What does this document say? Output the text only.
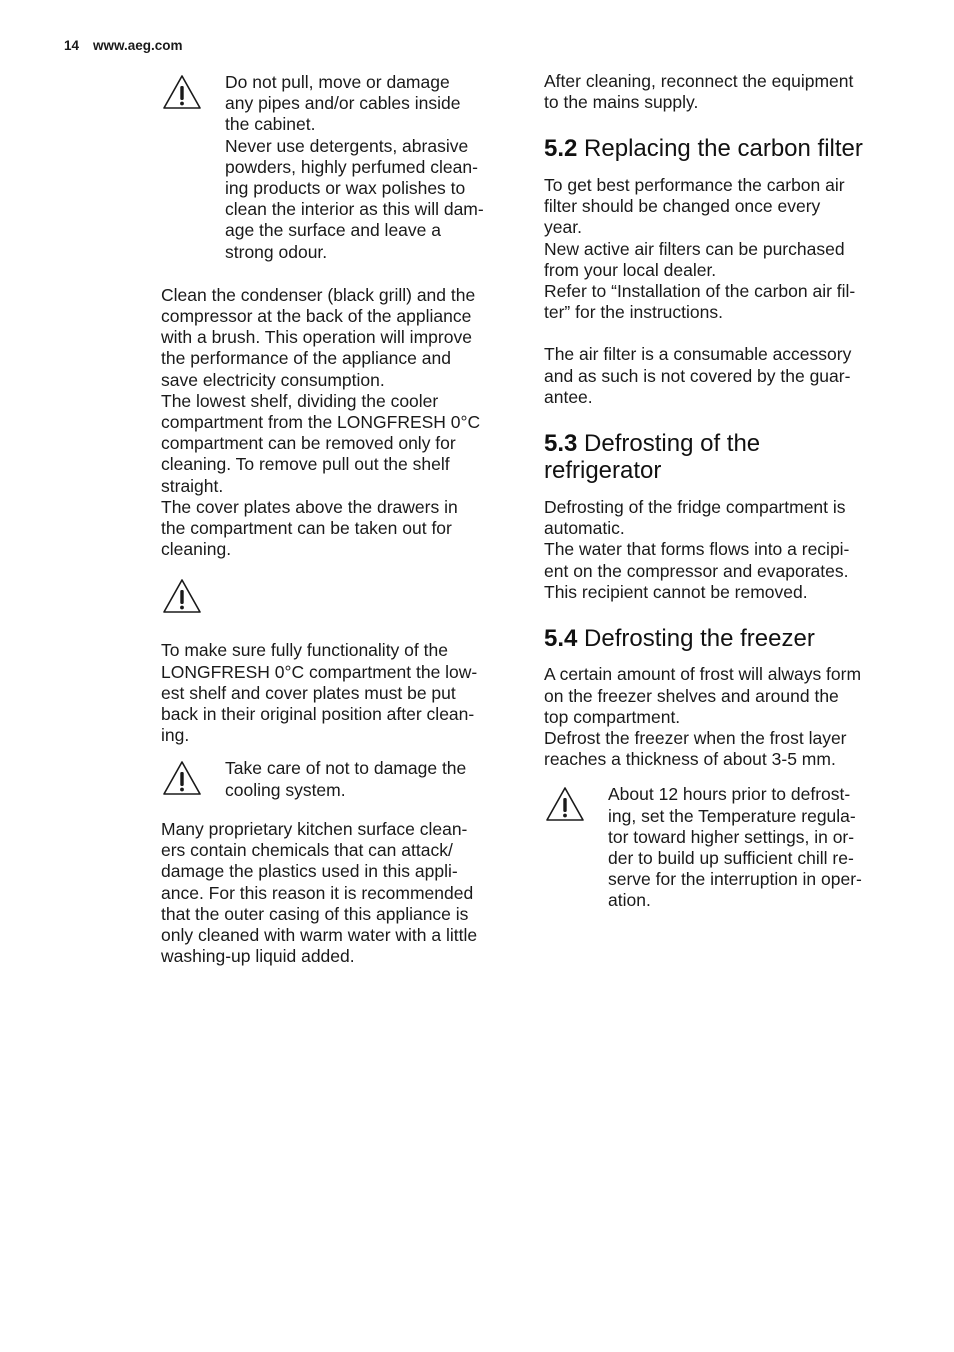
14 www.aeg.com

Do not pull, move or damage

any pipes and/or cables inside

the cabinet.

Never use detergents, abrasive

powders, highly perfumed clean-

ing products or wax polishes to

clean the interior as this will dam-

age the surface and leave a

strong odour.

Clean the condenser (black grill) and the

compressor at the back of the appliance

with a brush. This operation will improve

the performance of the appliance and

save electricity consumption.

The lowest shelf, dividing the cooler

compartment from the LONGFRESH 0°C

compartment can be removed only for

cleaning. To remove pull out the shelf

straight.

The cover plates above the drawers in

the compartment can be taken out for

cleaning.

To make sure fully functionality of the

LONGFRESH 0°C compartment the low-

est shelf and cover plates must be put

back in their original position after clean-

ing.

Take care of not to damage the

cooling system.

Many proprietary kitchen surface clean-

ers contain chemicals that can attack/

damage the plastics used in this appli-

ance. For this reason it is recommended

that the outer casing of this appliance is

only cleaned with warm water with a little

washing-up liquid added.

After cleaning, reconnect the equipment

to the mains supply.

5.2 Replacing the carbon filter

To get best performance the carbon air

filter should be changed once every

year.

New active air filters can be purchased

from your local dealer.

Refer to “Installation of the carbon air fil-

ter” for the instructions.

The air filter is a consumable accessory

and as such is not covered by the guar-

antee.

5.3 Defrosting of the
refrigerator

Defrosting of the fridge compartment is

automatic.

The water that forms flows into a recipi-

ent on the compressor and evaporates.

This recipient cannot be removed.

5.4 Defrosting the freezer

A certain amount of frost will always form

on the freezer shelves and around the

top compartment.

Defrost the freezer when the frost layer

reaches a thickness of about 3-5 mm.

About 12 hours prior to defrost-

ing, set the Temperature regula-

tor toward higher settings, in or-

der to build up sufficient chill re-

serve for the interruption in oper-

ation.
